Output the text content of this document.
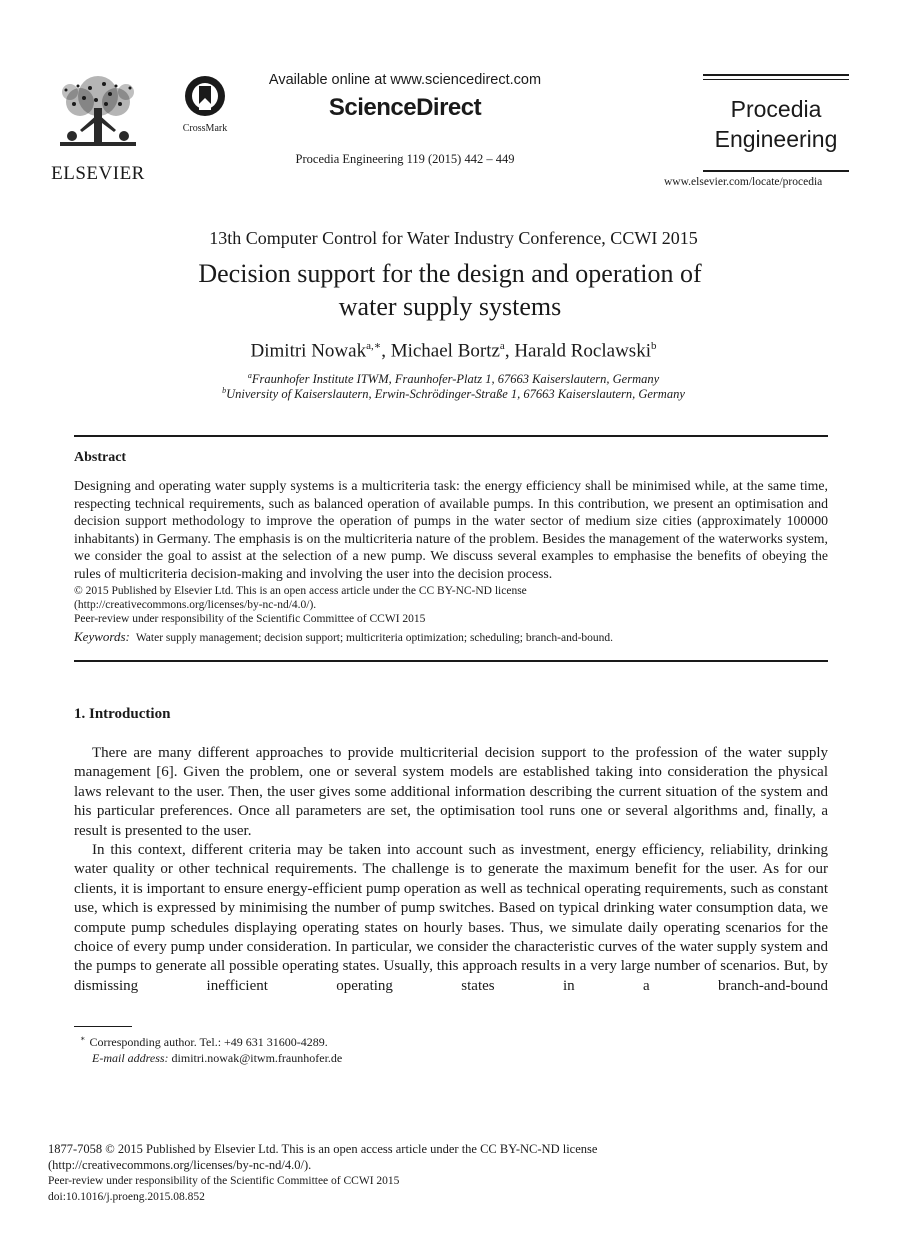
ELSEVIER
CrossMark
Available online at www.sciencedirect.com
ScienceDirect
Procedia Engineering 119 (2015) 442 – 449
Procedia
Engineering
www.elsevier.com/locate/procedia
13th Computer Control for Water Industry Conference, CCWI 2015
Decision support for the design and operation of
water supply systems
Dimitri Nowak$^{a,∗}$, Michael Bortz$^a$, Harald Roclawski$^b$
$^a$Fraunhofer Institute ITWM, Fraunhofer-Platz 1, 67663 Kaiserslautern, Germany
$^b$University of Kaiserslautern, Erwin-Schrödinger-Straße 1, 67663 Kaiserslautern, Germany
Abstract
Designing and operating water supply systems is a multicriteria task: the energy efficiency shall be minimised while, at the same time, respecting technical requirements, such as balanced operation of available pumps. In this contribution, we present an optimisation and decision support methodology to improve the operation of pumps in the water sector of medium size cities (approximately 100000 inhabitants) in Germany. The emphasis is on the multicriteria nature of the problem. Besides the management of the waterworks system, we consider the goal to assist at the selection of a new pump. We discuss several examples to emphasise the benefits of obeying the rules of multicriteria decision-making and involving the user into the decision process.
© 2015 Published by Elsevier Ltd. This is an open access article under the CC BY-NC-ND license
(http://creativecommons.org/licenses/by-nc-nd/4.0/).
Peer-review under responsibility of the Scientific Committee of CCWI 2015
Keywords: Water supply management; decision support; multicriteria optimization; scheduling; branch-and-bound.
1. Introduction
There are many different approaches to provide multicriterial decision support to the profession of the water supply management [6]. Given the problem, one or several system models are established taking into consideration the physical laws relevant to the user. Then, the user gives some additional information describing the current situation of the system and his particular preferences. Once all parameters are set, the optimisation tool runs one or several algorithms and, finally, a result is presented to the user.
In this context, different criteria may be taken into account such as investment, energy efficiency, reliability, drinking water quality or other technical requirements. The challenge is to generate the maximum benefit for the user. As for our clients, it is important to ensure energy-efficient pump operation as well as technical operating requirements, such as constant use, which is expressed by minimising the number of pump switches. Based on typical drinking water consumption data, we compute pump schedules displaying operating states on hourly bases. Thus, we simulate daily operating scenarios for the choice of every pump under consideration. In particular, we consider the characteristic curves of the water supply system and the pumps to generate all possible operating states. Usually, this approach results in a very large number of scenarios. But, by dismissing inefficient operating states in a branch-and-bound
∗ Corresponding author. Tel.: +49 631 31600-4289.
E-mail address: dimitri.nowak@itwm.fraunhofer.de
1877-7058 © 2015 Published by Elsevier Ltd. This is an open access article under the CC BY-NC-ND license
(http://creativecommons.org/licenses/by-nc-nd/4.0/).
Peer-review under responsibility of the Scientific Committee of CCWI 2015
doi:10.1016/j.proeng.2015.08.852
